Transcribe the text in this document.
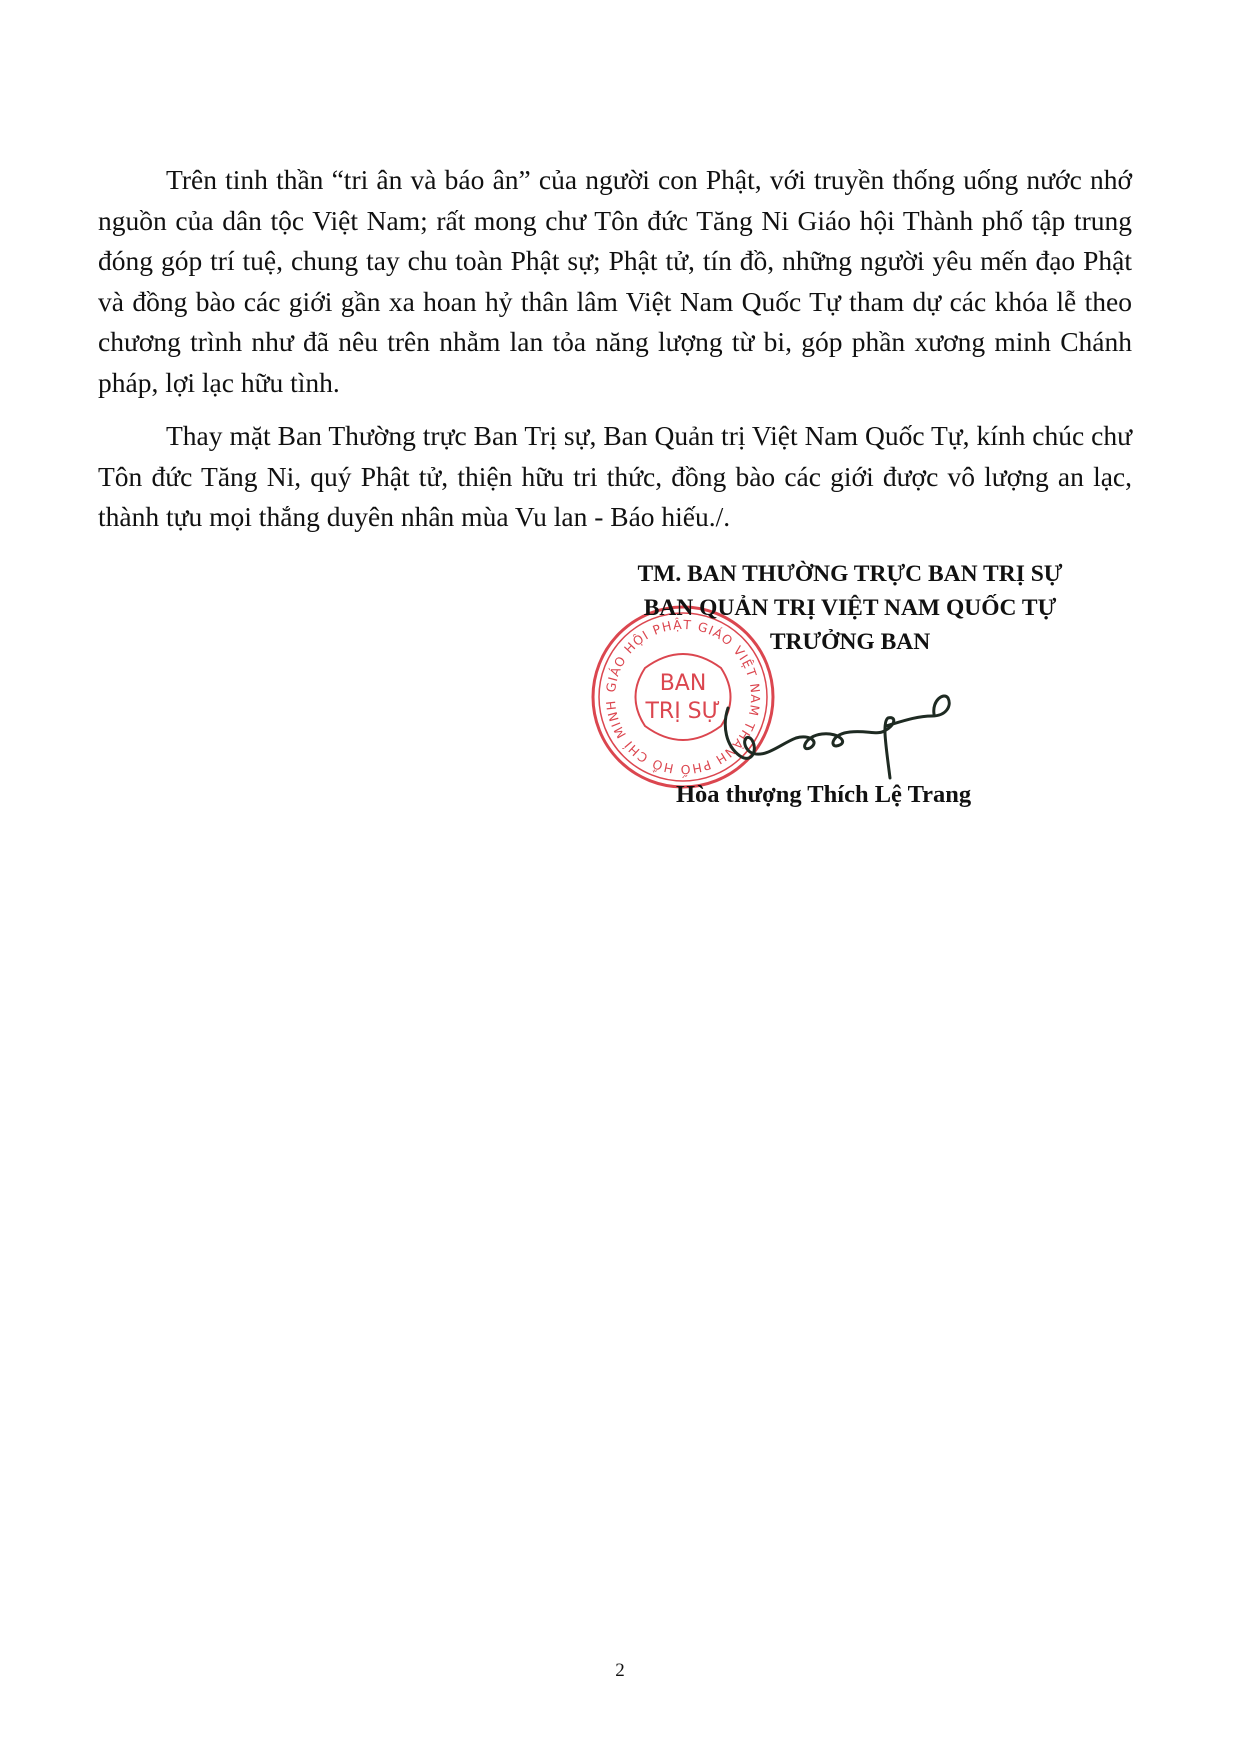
Trên tinh thần “tri ân và báo ân” của người con Phật, với truyền thống uống nước nhớ nguồn của dân tộc Việt Nam; rất mong chư Tôn đức Tăng Ni Giáo hội Thành phố tập trung đóng góp trí tuệ, chung tay chu toàn Phật sự; Phật tử, tín đồ, những người yêu mến đạo Phật và đồng bào các giới gần xa hoan hỷ thân lâm Việt Nam Quốc Tự tham dự các khóa lễ theo chương trình như đã nêu trên nhằm lan tỏa năng lượng từ bi, góp phần xương minh Chánh pháp, lợi lạc hữu tình.

Thay mặt Ban Thường trực Ban Trị sự, Ban Quản trị Việt Nam Quốc Tự, kính chúc chư Tôn đức Tăng Ni, quý Phật tử, thiện hữu tri thức, đồng bào các giới được vô lượng an lạc, thành tựu mọi thắng duyên nhân mùa Vu lan - Báo hiếu./.

GIÁO HỘI PHẬT GIÁO VIỆT NAM THÀNH PHỐ HỒ CHÍ MINH
BAN
TRỊ SỰ
TM. BAN THƯỜNG TRỰC BAN TRỊ SỰ
BAN QUẢN TRỊ VIỆT NAM QUỐC TỰ
TRƯỞNG BAN
Hòa thượng Thích Lệ Trang
2
